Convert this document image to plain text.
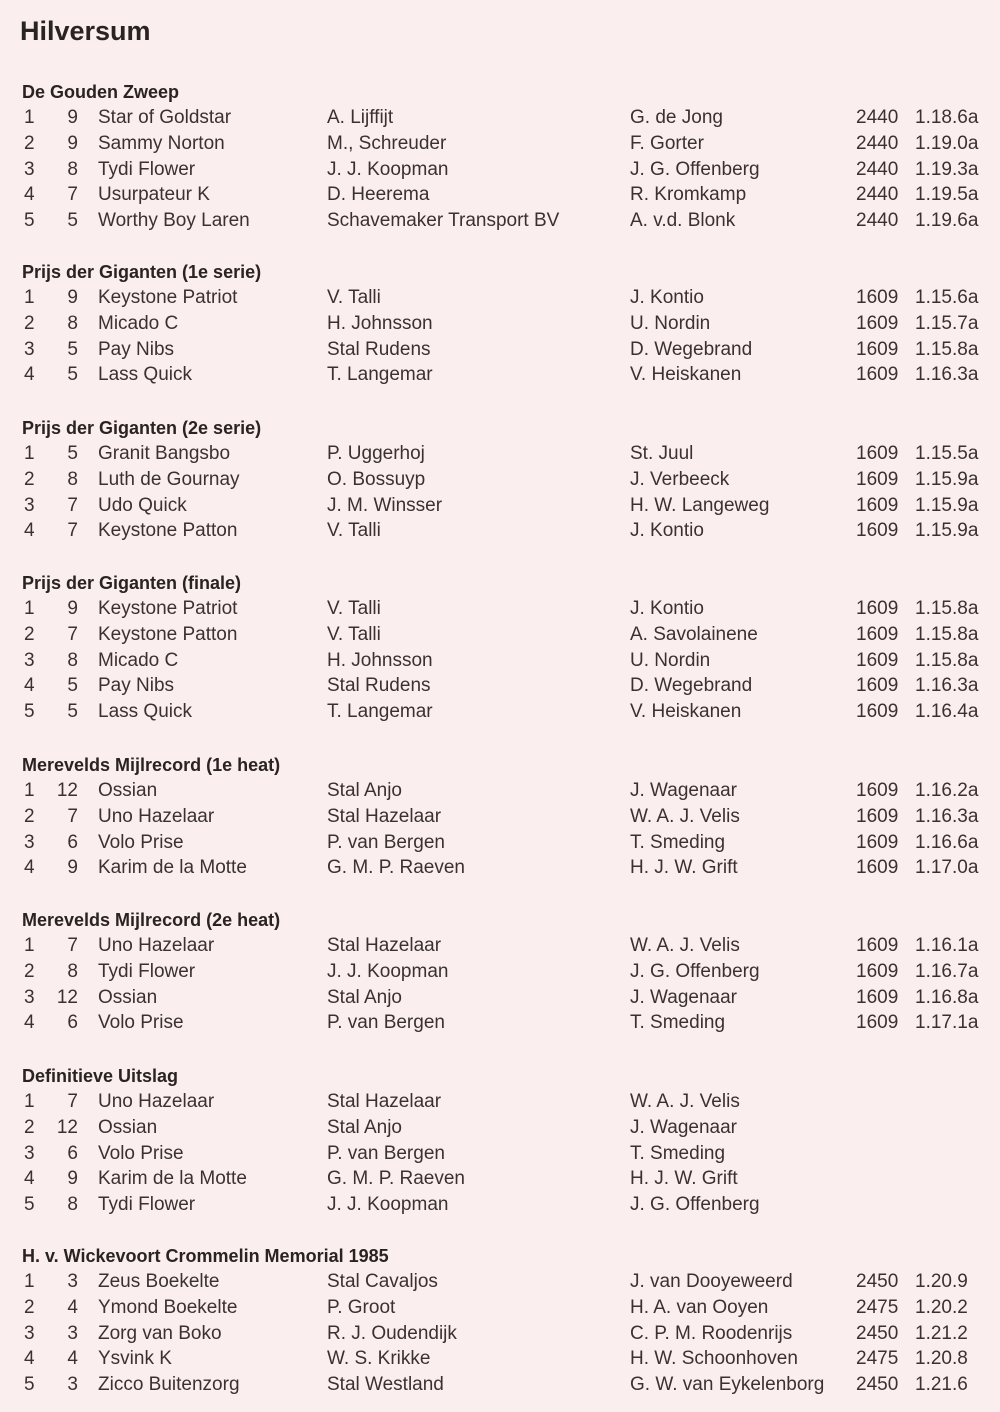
Hilversum
De Gouden Zweep
1	9 Star of Goldstar	A. Lijffijt	G. de Jong	2440 1.18.6a
2	9 Sammy Norton	M., Schreuder	F. Gorter	2440 1.19.0a
3	8 Tydi Flower	J. J. Koopman	J. G. Offenberg	2440 1.19.3a
4	7 Usurpateur K	D. Heerema	R. Kromkamp	2440 1.19.5a
5	5 Worthy Boy Laren	Schavemaker Transport BV	A. v.d. Blonk	2440 1.19.6a
Prijs der Giganten (1e serie)
1	9 Keystone Patriot	V. Talli	J. Kontio	1609 1.15.6a
2	8 Micado C	H. Johnsson	U. Nordin	1609 1.15.7a
3	5 Pay Nibs	Stal Rudens	D. Wegebrand	1609 1.15.8a
4	5 Lass Quick	T. Langemar	V. Heiskanen	1609 1.16.3a
Prijs der Giganten (2e serie)
1	5 Granit Bangsbo	P. Uggerhoj	St. Juul	1609 1.15.5a
2	8 Luth de Gournay	O. Bossuyp	J. Verbeeck	1609 1.15.9a
3	7 Udo Quick	J. M. Winsser	H. W. Langeweg	1609 1.15.9a
4	7 Keystone Patton	V. Talli	J. Kontio	1609 1.15.9a
Prijs der Giganten (finale)
1	9 Keystone Patriot	V. Talli	J. Kontio	1609 1.15.8a
2	7 Keystone Patton	V. Talli	A. Savolainene	1609 1.15.8a
3	8 Micado C	H. Johnsson	U. Nordin	1609 1.15.8a
4	5 Pay Nibs	Stal Rudens	D. Wegebrand	1609 1.16.3a
5	5 Lass Quick	T. Langemar	V. Heiskanen	1609 1.16.4a
Merevelds Mijlrecord (1e heat)
1 12 Ossian	Stal Anjo	J. Wagenaar	1609 1.16.2a
2	7 Uno Hazelaar	Stal Hazelaar	W. A. J. Velis	1609 1.16.3a
3	6 Volo Prise	P. van Bergen	T. Smeding	1609 1.16.6a
4	9 Karim de la Motte	G. M. P. Raeven	H. J. W. Grift	1609 1.17.0a
Merevelds Mijlrecord (2e heat)
1	7 Uno Hazelaar	Stal Hazelaar	W. A. J. Velis	1609 1.16.1a
2	8 Tydi Flower	J. J. Koopman	J. G. Offenberg	1609 1.16.7a
3 12 Ossian	Stal Anjo	J. Wagenaar	1609 1.16.8a
4	6 Volo Prise	P. van Bergen	T. Smeding	1609 1.17.1a
Definitieve Uitslag
1	7 Uno Hazelaar	Stal Hazelaar	W. A. J. Velis
2 12 Ossian	Stal Anjo	J. Wagenaar
3	6 Volo Prise	P. van Bergen	T. Smeding
4	9 Karim de la Motte	G. M. P. Raeven	H. J. W. Grift
5	8 Tydi Flower	J. J. Koopman	J. G. Offenberg
H. v. Wickevoort Crommelin Memorial 1985
1	3 Zeus Boekelte	Stal Cavaljos	J. van Dooyeweerd	2450 1.20.9
2	4 Ymond Boekelte	P. Groot	H. A. van Ooyen	2475 1.20.2
3	3 Zorg van Boko	R. J. Oudendijk	C. P. M. Roodenrijs	2450 1.21.2
4	4 Ysvink K	W. S. Krikke	H. W. Schoonhoven	2475 1.20.8
5	3 Zicco Buitenzorg	Stal Westland	G. W. van Eykelenborg 2450 1.21.6
